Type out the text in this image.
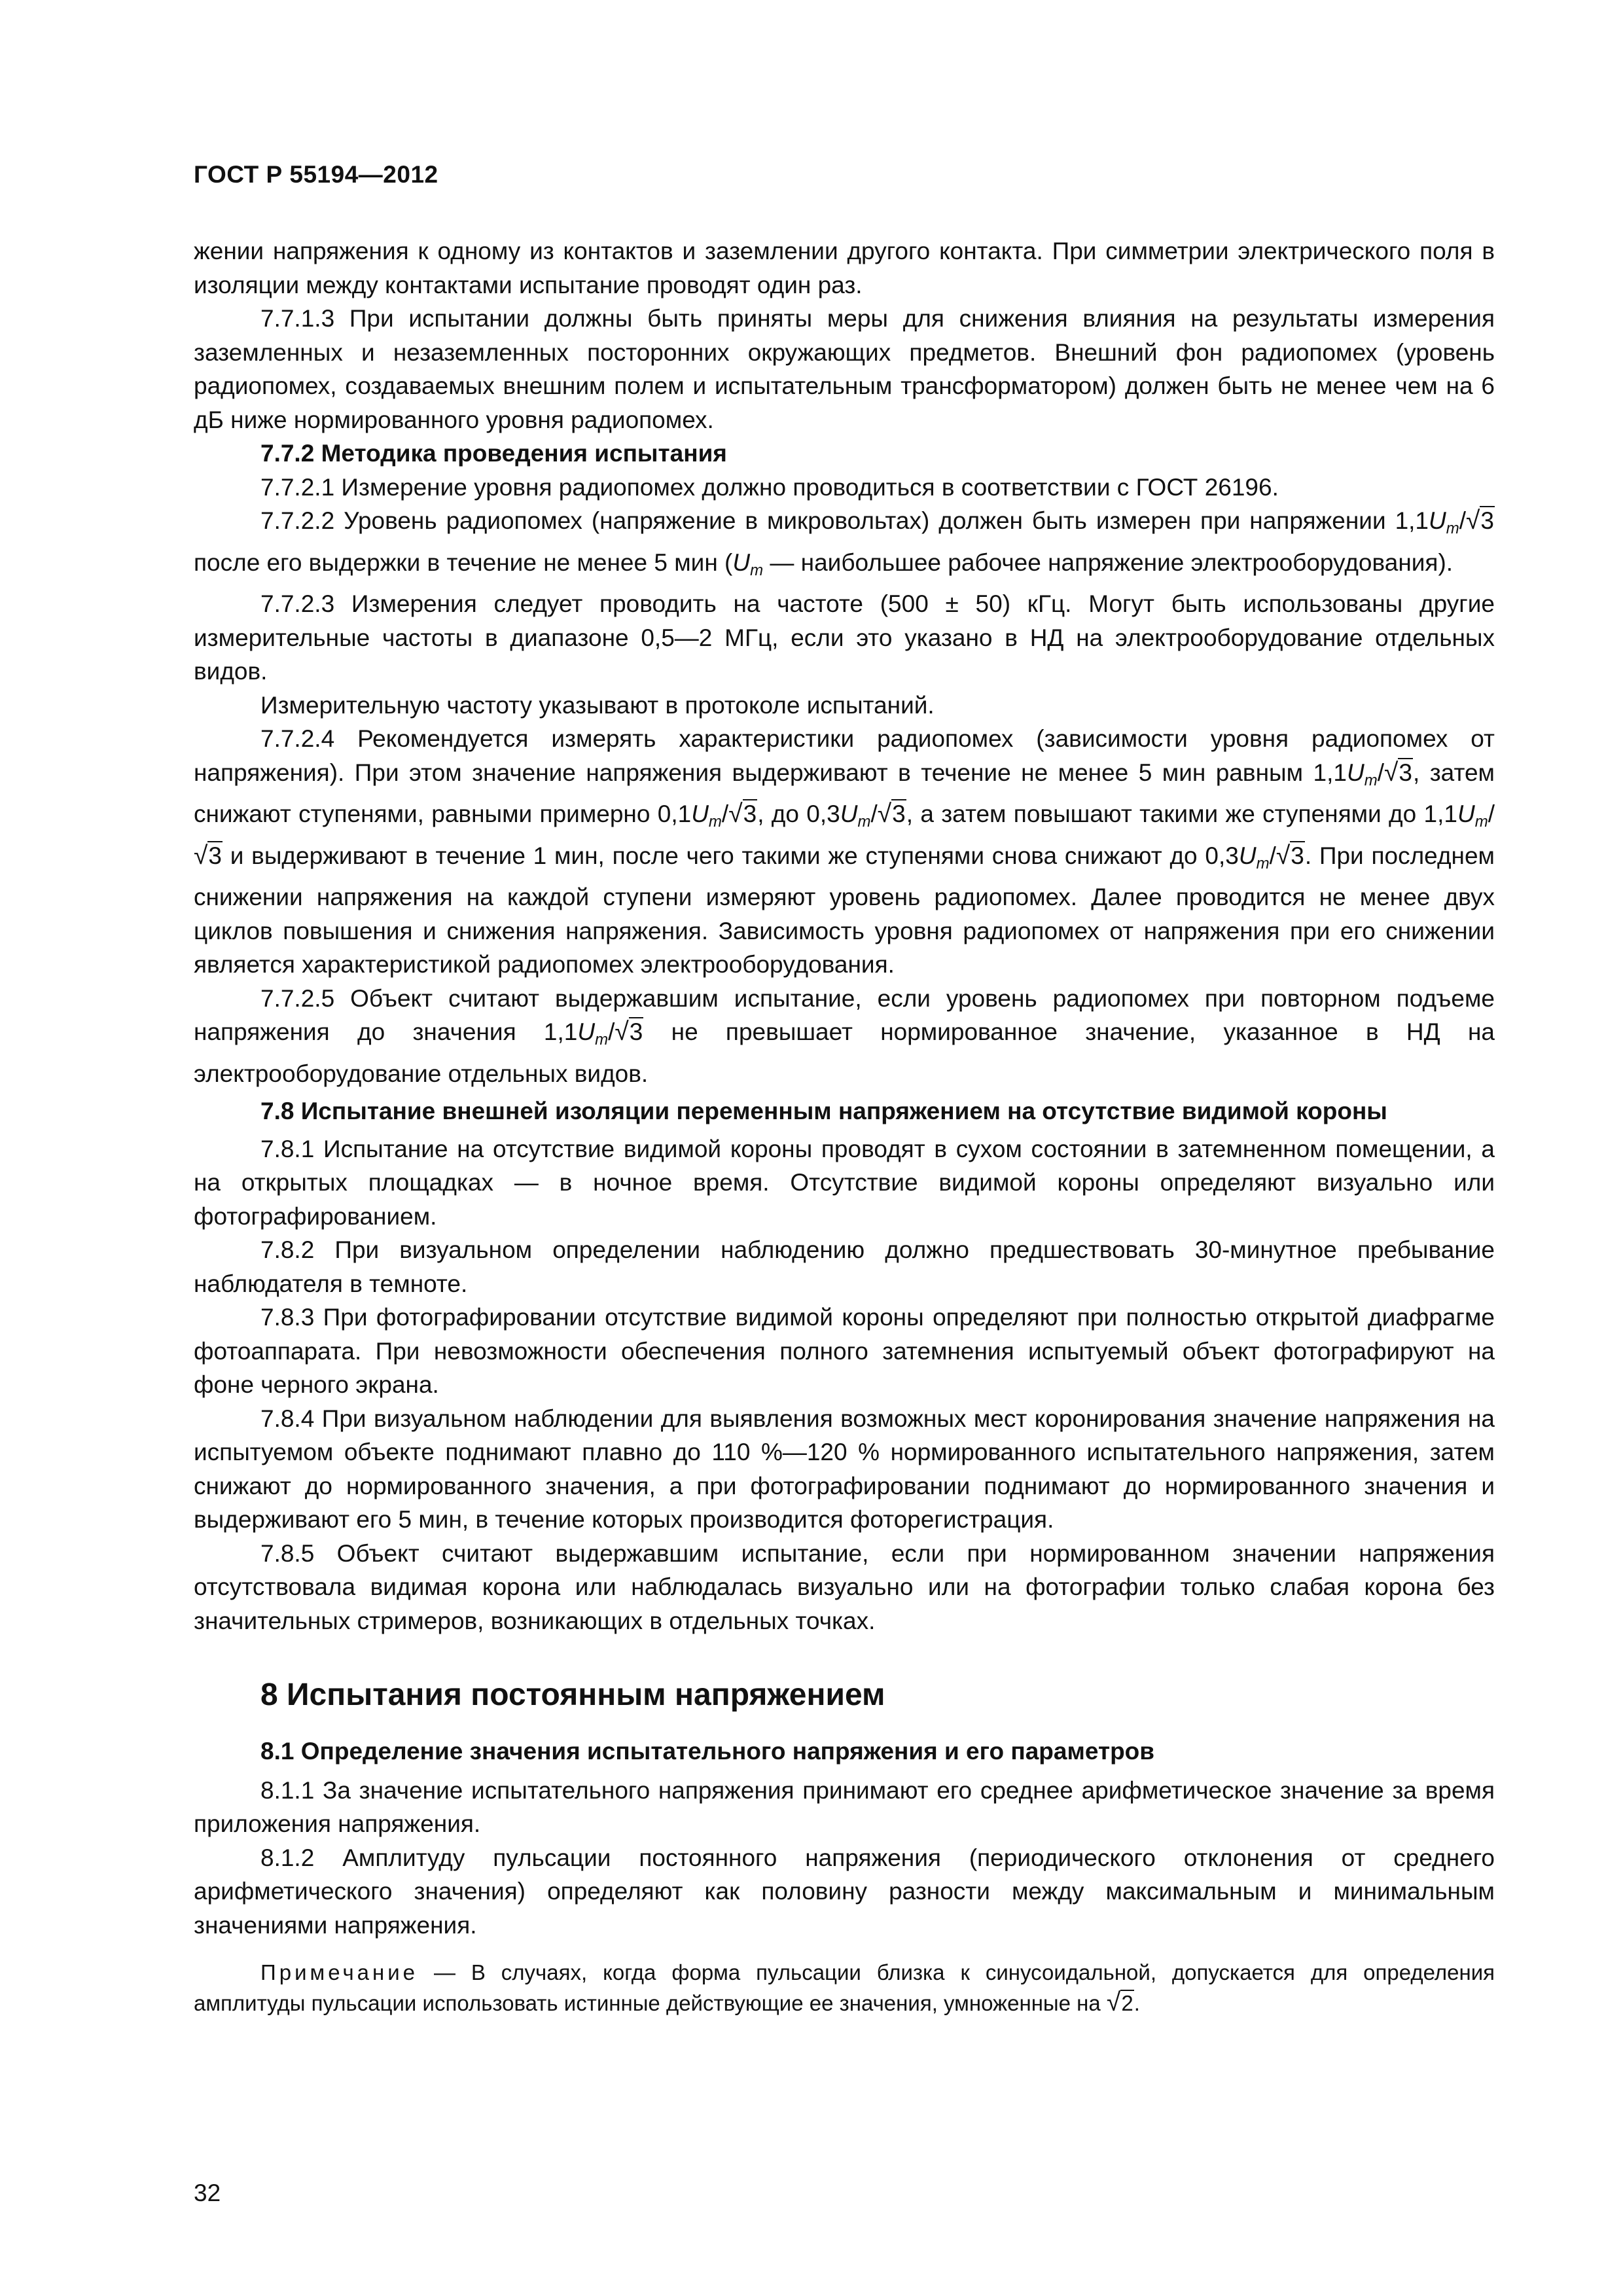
ГОСТ Р 55194—2012

жении напряжения к одному из контактов и заземлении другого контакта. При симметрии электрического поля в изоляции между контактами испытание проводят один раз.

7.7.1.3 При испытании должны быть приняты меры для снижения влияния на результаты измерения заземленных и незаземленных посторонних окружающих предметов. Внешний фон радиопомех (уровень радиопомех, создаваемых внешним полем и испытательным трансформатором) должен быть не менее чем на 6 дБ ниже нормированного уровня радиопомех.

7.7.2 Методика проведения испытания

7.7.2.1 Измерение уровня радиопомех должно проводиться в соответствии с ГОСТ 26196.

7.7.2.2 Уровень радиопомех (напряжение в микровольтах) должен быть измерен при напряжении $1,1U_m/√3$ после его выдержки в течение не менее 5 мин ($U_m$ — наибольшее рабочее напряжение электрооборудования).

7.7.2.3 Измерения следует проводить на частоте (500 ± 50) кГц. Могут быть использованы другие измерительные частоты в диапазоне 0,5—2 МГц, если это указано в НД на электрооборудование отдельных видов.

Измерительную частоту указывают в протоколе испытаний.

7.7.2.4 Рекомендуется измерять характеристики радиопомех (зависимости уровня радиопомех от напряжения). При этом значение напряжения выдерживают в течение не менее 5 мин равным $1,1U_m/√3$, затем снижают ступенями, равными примерно $0,1U_m/√3$, до $0,3U_m/√3$, а затем повышают такими же ступенями до $1,1U_m/√3$ и выдерживают в течение 1 мин, после чего такими же ступенями снова снижают до $0,3U_m/√3$. При последнем снижении напряжения на каждой ступени измеряют уровень радиопомех. Далее проводится не менее двух циклов повышения и снижения напряжения. Зависимость уровня радиопомех от напряжения при его снижении является характеристикой радиопомех электрооборудования.

7.7.2.5 Объект считают выдержавшим испытание, если уровень радиопомех при повторном подъеме напряжения до значения $1,1U_m/√3$ не превышает нормированное значение, указанное в НД на электрооборудование отдельных видов.

7.8 Испытание внешней изоляции переменным напряжением на отсутствие видимой короны

7.8.1 Испытание на отсутствие видимой короны проводят в сухом состоянии в затемненном помещении, а на открытых площадках — в ночное время. Отсутствие видимой короны определяют визуально или фотографированием.

7.8.2 При визуальном определении наблюдению должно предшествовать 30-минутное пребывание наблюдателя в темноте.

7.8.3 При фотографировании отсутствие видимой короны определяют при полностью открытой диафрагме фотоаппарата. При невозможности обеспечения полного затемнения испытуемый объект фотографируют на фоне черного экрана.

7.8.4 При визуальном наблюдении для выявления возможных мест коронирования значение напряжения на испытуемом объекте поднимают плавно до 110 %—120 % нормированного испытательного напряжения, затем снижают до нормированного значения, а при фотографировании поднимают до нормированного значения и выдерживают его 5 мин, в течение которых производится фоторегистрация.

7.8.5 Объект считают выдержавшим испытание, если при нормированном значении напряжения отсутствовала видимая корона или наблюдалась визуально или на фотографии только слабая корона без значительных стримеров, возникающих в отдельных точках.

8 Испытания постоянным напряжением

8.1 Определение значения испытательного напряжения и его параметров

8.1.1 За значение испытательного напряжения принимают его среднее арифметическое значение за время приложения напряжения.

8.1.2 Амплитуду пульсации постоянного напряжения (периодического отклонения от среднего арифметического значения) определяют как половину разности между максимальным и минимальным значениями напряжения.

Примечание — В случаях, когда форма пульсации близка к синусоидальной, допускается для определения амплитуды пульсации использовать истинные действующие ее значения, умноженные на √2.

32
